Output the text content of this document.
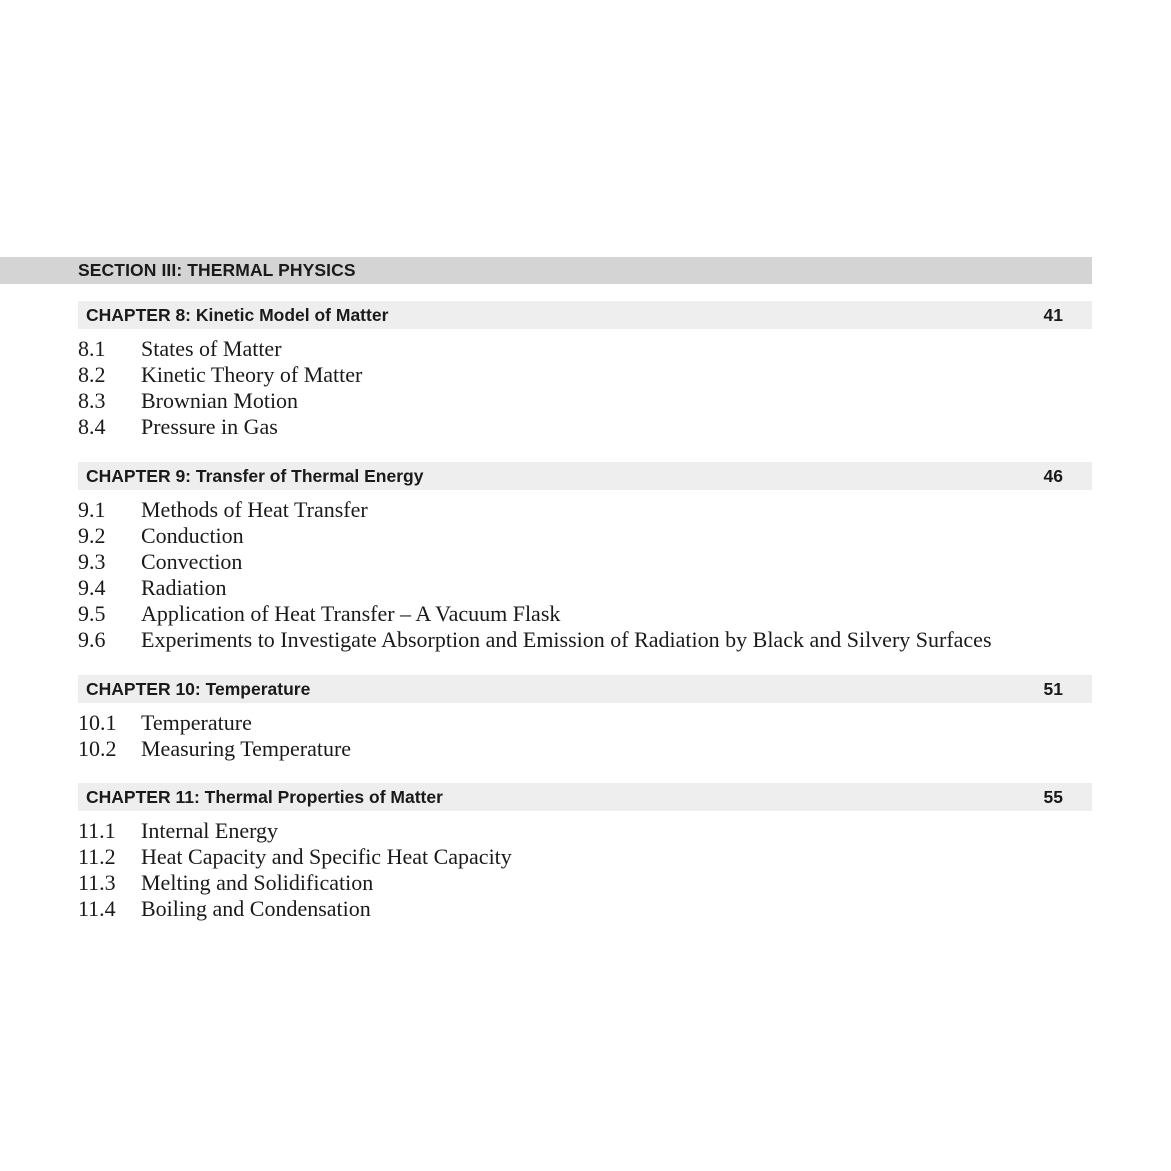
SECTION III: THERMAL PHYSICS
CHAPTER 8: Kinetic Model of Matter	41
8.1 States of Matter
8.2 Kinetic Theory of Matter
8.3 Brownian Motion
8.4 Pressure in Gas
CHAPTER 9: Transfer of Thermal Energy	46
9.1 Methods of Heat Transfer
9.2 Conduction
9.3 Convection
9.4 Radiation
9.5 Application of Heat Transfer – A Vacuum Flask
9.6 Experiments to Investigate Absorption and Emission of Radiation by Black and Silvery Surfaces
CHAPTER 10: Temperature	51
10.1 Temperature
10.2 Measuring Temperature
CHAPTER 11: Thermal Properties of Matter	55
11.1 Internal Energy
11.2 Heat Capacity and Specific Heat Capacity
11.3 Melting and Solidification
11.4 Boiling and Condensation
